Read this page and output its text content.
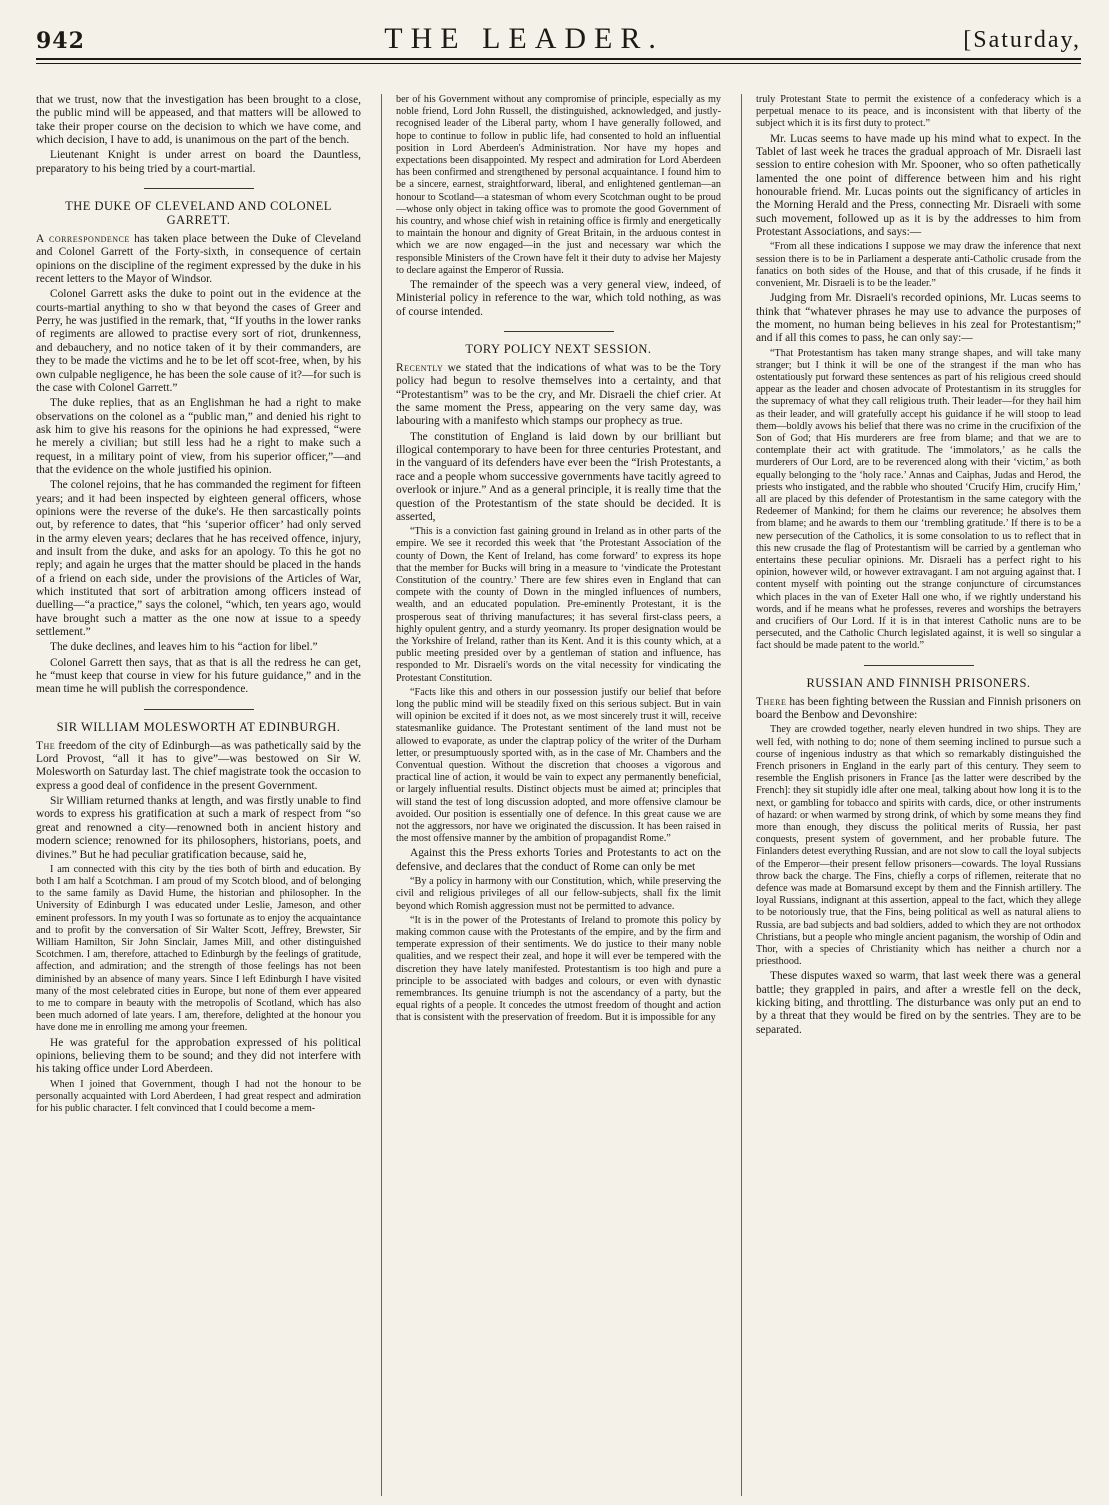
942	THE LEADER.	[Saturday,

that we trust, now that the investigation has been brought to a close, the public mind will be appeased, and that matters will be allowed to take their proper course on the decision to which we have come, and which decision, I have to add, is unanimous on the part of the bench.

Lieutenant Knight is under arrest on board the Dauntless, preparatory to his being tried by a court-martial.

THE DUKE OF CLEVELAND AND COLONEL GARRETT.

A correspondence has taken place between the Duke of Cleveland and Colonel Garrett of the Forty-sixth, in consequence of certain opinions on the discipline of the regiment expressed by the duke in his recent letters to the Mayor of Windsor.

Colonel Garrett asks the duke to point out in the evidence at the courts-martial anything to sho w that beyond the cases of Greer and Perry, he was justified in the remark, that, “If youths in the lower ranks of regiments are allowed to practise every sort of riot, drunkenness, and debauchery, and no notice taken of it by their commanders, are they to be made the victims and he to be let off scot-free, when, by his own culpable negligence, he has been the sole cause of it?—for such is the case with Colonel Garrett.”

The duke replies, that as an Englishman he had a right to make observations on the colonel as a “public man,” and denied his right to ask him to give his reasons for the opinions he had expressed, “were he merely a civilian; but still less had he a right to make such a request, in a military point of view, from his superior officer,”—and that the evidence on the whole justified his opinion.

The colonel rejoins, that he has commanded the regiment for fifteen years; and it had been inspected by eighteen general officers, whose opinions were the reverse of the duke's. He then sarcastically points out, by reference to dates, that “his ‘superior officer’ had only served in the army eleven years; declares that he has received offence, injury, and insult from the duke, and asks for an apology. To this he got no reply; and again he urges that the matter should be placed in the hands of a friend on each side, under the provisions of the Articles of War, which instituted that sort of arbitration among officers instead of duelling—“a practice,” says the colonel, “which, ten years ago, would have brought such a matter as the one now at issue to a speedy settlement.”

The duke declines, and leaves him to his “action for libel.”

Colonel Garrett then says, that as that is all the redress he can get, he “must keep that course in view for his future guidance,” and in the mean time he will publish the correspondence.

SIR WILLIAM MOLESWORTH AT EDINBURGH.

The freedom of the city of Edinburgh—as was pathetically said by the Lord Provost, “all it has to give”—was bestowed on Sir W. Molesworth on Saturday last. The chief magistrate took the occasion to express a good deal of confidence in the present Government.

Sir William returned thanks at length, and was firstly unable to find words to express his gratification at such a mark of respect from “so great and renowned a city—renowned both in ancient history and modern science; renowned for its philosophers, historians, poets, and divines.” But he had peculiar gratification because, said he,

I am connected with this city by the ties both of birth and education. By both I am half a Scotchman. I am proud of my Scotch blood, and of belonging to the same family as David Hume, the historian and philosopher. In the University of Edinburgh I was educated under Leslie, Jameson, and other eminent professors. In my youth I was so fortunate as to enjoy the acquaintance and to profit by the conversation of Sir Walter Scott, Jeffrey, Brewster, Sir William Hamilton, Sir John Sinclair, James Mill, and other distinguished Scotchmen. I am, therefore, attached to Edinburgh by the feelings of gratitude, affection, and admiration; and the strength of those feelings has not been diminished by an absence of many years. Since I left Edinburgh I have visited many of the most celebrated cities in Europe, but none of them ever appeared to me to compare in beauty with the metropolis of Scotland, which has also been much adorned of late years. I am, therefore, delighted at the honour you have done me in enrolling me among your freemen.

He was grateful for the approbation expressed of his political opinions, believing them to be sound; and they did not interfere with his taking office under Lord Aberdeen.

When I joined that Government, though I had not the honour to be personally acquainted with Lord Aberdeen, I had great respect and admiration for his public character. I felt convinced that I could become a mem-

ber of his Government without any compromise of principle, especially as my noble friend, Lord John Russell, the distinguished, acknowledged, and justly-recognised leader of the Liberal party, whom I have generally followed, and hope to continue to follow in public life, had consented to hold an influential position in Lord Aberdeen's Administration. Nor have my hopes and expectations been disappointed. My respect and admiration for Lord Aberdeen has been confirmed and strengthened by personal acquaintance. I found him to be a sincere, earnest, straightforward, liberal, and enlightened gentleman—an honour to Scotland—a statesman of whom every Scotchman ought to be proud—whose only object in taking office was to promote the good Government of his country, and whose chief wish in retaining office is firmly and energetically to maintain the honour and dignity of Great Britain, in the arduous contest in which we are now engaged—in the just and necessary war which the responsible Ministers of the Crown have felt it their duty to advise her Majesty to declare against the Emperor of Russia.

The remainder of the speech was a very general view, indeed, of Ministerial policy in reference to the war, which told nothing, as was of course intended.

TORY POLICY NEXT SESSION.

Recently we stated that the indications of what was to be the Tory policy had begun to resolve themselves into a certainty, and that “Protestantism” was to be the cry, and Mr. Disraeli the chief crier. At the same moment the Press, appearing on the very same day, was labouring with a manifesto which stamps our prophecy as true.

The constitution of England is laid down by our brilliant but illogical contemporary to have been for three centuries Protestant, and in the vanguard of its defenders have ever been the “Irish Protestants, a race and a people whom successive governments have tacitly agreed to overlook or injure.” And as a general principle, it is really time that the question of the Protestantism of the state should be decided. It is asserted,

“This is a conviction fast gaining ground in Ireland as in other parts of the empire. We see it recorded this week that ‘the Protestant Association of the county of Down, the Kent of Ireland, has come forward’ to express its hope that the member for Bucks will bring in a measure to ‘vindicate the Protestant Constitution of the country.’ There are few shires even in England that can compete with the county of Down in the mingled influences of numbers, wealth, and an educated population. Pre-eminently Protestant, it is the prosperous seat of thriving manufactures; it has several first-class peers, a highly opulent gentry, and a sturdy yeomanry. Its proper designation would be the Yorkshire of Ireland, rather than its Kent. And it is this county which, at a public meeting presided over by a gentleman of station and influence, has responded to Mr. Disraeli's words on the vital necessity for vindicating the Protestant Constitution.

“Facts like this and others in our possession justify our belief that before long the public mind will be steadily fixed on this serious subject. But in vain will opinion be excited if it does not, as we most sincerely trust it will, receive statesmanlike guidance. The Protestant sentiment of the land must not be allowed to evaporate, as under the claptrap policy of the writer of the Durham letter, or presumptuously sported with, as in the case of Mr. Chambers and the Conventual question. Without the discretion that chooses a vigorous and practical line of action, it would be vain to expect any permanently beneficial, or largely influential results. Distinct objects must be aimed at; principles that will stand the test of long discussion adopted, and more offensive clamour be avoided. Our position is essentially one of defence. In this great cause we are not the aggressors, nor have we originated the discussion. It has been raised in the most offensive manner by the ambition of propagandist Rome.”

Against this the Press exhorts Tories and Protestants to act on the defensive, and declares that the conduct of Rome can only be met

“By a policy in harmony with our Constitution, which, while preserving the civil and religious privileges of all our fellow-subjects, shall fix the limit beyond which Romish aggression must not be permitted to advance.

“It is in the power of the Protestants of Ireland to promote this policy by making common cause with the Protestants of the empire, and by the firm and temperate expression of their sentiments. We do justice to their many noble qualities, and we respect their zeal, and hope it will ever be tempered with the discretion they have lately manifested. Protestantism is too high and pure a principle to be associated with badges and colours, or even with dynastic remembrances. Its genuine triumph is not the ascendancy of a party, but the equal rights of a people. It concedes the utmost freedom of thought and action that is consistent with the preservation of freedom. But it is impossible for any

truly Protestant State to permit the existence of a confederacy which is a perpetual menace to its peace, and is inconsistent with that liberty of the subject which it is its first duty to protect.”

Mr. Lucas seems to have made up his mind what to expect. In the Tablet of last week he traces the gradual approach of Mr. Disraeli last session to entire cohesion with Mr. Spooner, who so often pathetically lamented the one point of difference between him and his right honourable friend. Mr. Lucas points out the significancy of articles in the Morning Herald and the Press, connecting Mr. Disraeli with some such movement, followed up as it is by the addresses to him from Protestant Associations, and says:—

“From all these indications I suppose we may draw the inference that next session there is to be in Parliament a desperate anti-Catholic crusade from the fanatics on both sides of the House, and that of this crusade, if he finds it convenient, Mr. Disraeli is to be the leader.”

Judging from Mr. Disraeli's recorded opinions, Mr. Lucas seems to think that “whatever phrases he may use to advance the purposes of the moment, no human being believes in his zeal for Protestantism;” and if all this comes to pass, he can only say:—

“That Protestantism has taken many strange shapes, and will take many stranger; but I think it will be one of the strangest if the man who has ostentatiously put forward these sentences as part of his religious creed should appear as the leader and chosen advocate of Protestantism in its struggles for the supremacy of what they call religious truth. Their leader—for they hail him as their leader, and will gratefully accept his guidance if he will stoop to lead them—boldly avows his belief that there was no crime in the crucifixion of the Son of God; that His murderers are free from blame; and that we are to contemplate their act with gratitude. The ‘immolators,’ as he calls the murderers of Our Lord, are to be reverenced along with their ‘victim,’ as both equally belonging to the ‘holy race.’ Annas and Caiphas, Judas and Herod, the priests who instigated, and the rabble who shouted ‘Crucify Him, crucify Him,’ all are placed by this defender of Protestantism in the same category with the Redeemer of Mankind; for them he claims our reverence; he absolves them from blame; and he awards to them our ‘trembling gratitude.’ If there is to be a new persecution of the Catholics, it is some consolation to us to reflect that in this new crusade the flag of Protestantism will be carried by a gentleman who entertains these peculiar opinions. Mr. Disraeli has a perfect right to his opinion, however wild, or however extravagant. I am not arguing against that. I content myself with pointing out the strange conjuncture of circumstances which places in the van of Exeter Hall one who, if we rightly understand his words, and if he means what he professes, reveres and worships the betrayers and crucifiers of Our Lord. If it is in that interest Catholic nuns are to be persecuted, and the Catholic Church legislated against, it is well so singular a fact should be made patent to the world.”

RUSSIAN AND FINNISH PRISONERS.

There has been fighting between the Russian and Finnish prisoners on board the Benbow and Devonshire:

They are crowded together, nearly eleven hundred in two ships. They are well fed, with nothing to do; none of them seeming inclined to pursue such a course of ingenious industry as that which so remarkably distinguished the French prisoners in England in the early part of this century. They seem to resemble the English prisoners in France [as the latter were described by the French]: they sit stupidly idle after one meal, talking about how long it is to the next, or gambling for tobacco and spirits with cards, dice, or other instruments of hazard: or when warmed by strong drink, of which by some means they find more than enough, they discuss the political merits of Russia, her past conquests, present system of government, and her probable future. The Finlanders detest everything Russian, and are not slow to call the loyal subjects of the Emperor—their present fellow prisoners—cowards. The loyal Russians throw back the charge. The Fins, chiefly a corps of riflemen, reiterate that no defence was made at Bomarsund except by them and the Finnish artillery. The loyal Russians, indignant at this assertion, appeal to the fact, which they allege to be notoriously true, that the Fins, being political as well as natural aliens to Russia, are bad subjects and bad soldiers, added to which they are not orthodox Christians, but a people who mingle ancient paganism, the worship of Odin and Thor, with a species of Christianity which has neither a church nor a priesthood.

These disputes waxed so warm, that last week there was a general battle; they grappled in pairs, and after a wrestle fell on the deck, kicking biting, and throttling. The disturbance was only put an end to by a threat that they would be fired on by the sentries. They are to be separated.
